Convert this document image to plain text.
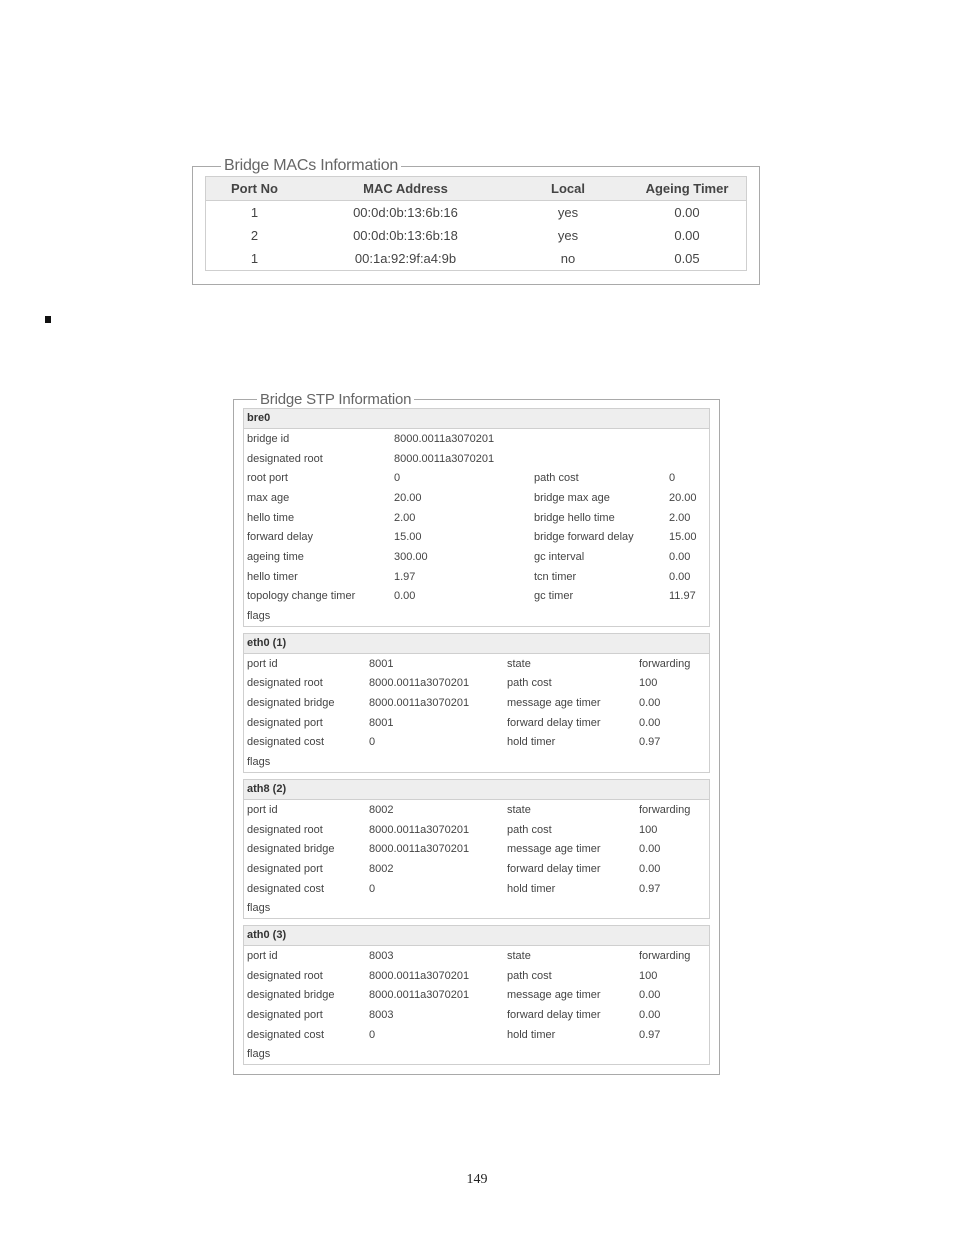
Bridge MACs Information
Port No	MAC Address	Local	Ageing Timer
1	00:0d:0b:13:6b:16	yes	0.00
2	00:0d:0b:13:6b:18	yes	0.00
1	00:1a:92:9f:a4:9b	no	0.05
Bridge STP Information
bre0
bridge id	8000.0011a3070201
designated root	8000.0011a3070201
root port	0	path cost	0
max age	20.00	bridge max age	20.00
hello time	2.00	bridge hello time	2.00
forward delay	15.00	bridge forward delay	15.00
ageing time	300.00	gc interval	0.00
hello timer	1.97	tcn timer	0.00
topology change timer	0.00	gc timer	11.97
flags
eth0 (1)
port id	8001	state	forwarding
designated root	8000.0011a3070201	path cost	100
designated bridge	8000.0011a3070201	message age timer	0.00
designated port	8001	forward delay timer	0.00
designated cost	0	hold timer	0.97
flags
ath8 (2)
port id	8002	state	forwarding
designated root	8000.0011a3070201	path cost	100
designated bridge	8000.0011a3070201	message age timer	0.00
designated port	8002	forward delay timer	0.00
designated cost	0	hold timer	0.97
flags
ath0 (3)
port id	8003	state	forwarding
designated root	8000.0011a3070201	path cost	100
designated bridge	8000.0011a3070201	message age timer	0.00
designated port	8003	forward delay timer	0.00
designated cost	0	hold timer	0.97
flags
149
